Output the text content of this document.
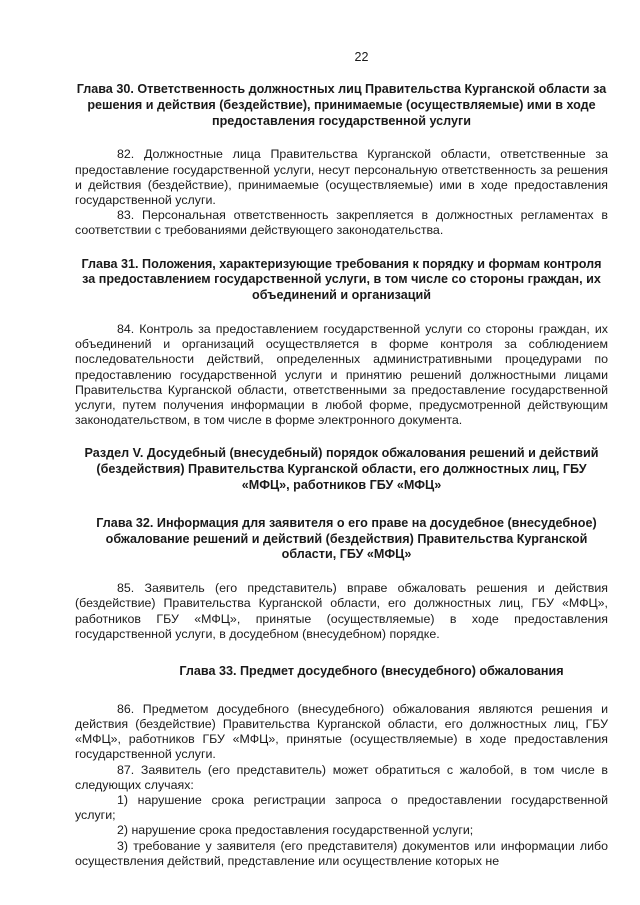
22

Глава 30. Ответственность должностных лиц Правительства Курганской области за решения и действия (бездействие), принимаемые (осуществляемые) ими в ходе предоставления государственной услуги

82. Должностные лица Правительства Курганской области, ответственные за предоставление государственной услуги, несут персональную ответственность за решения и действия (бездействие), принимаемые (осуществляемые) ими в ходе предоставления государственной услуги.

83. Персональная ответственность закрепляется в должностных регламентах в соответствии с требованиями действующего законодательства.

Глава 31. Положения, характеризующие требования к порядку и формам контроля за предоставлением государственной услуги, в том числе со стороны граждан, их объединений и организаций

84. Контроль за предоставлением государственной услуги со стороны граждан, их объединений и организаций осуществляется в форме контроля за соблюдением последовательности действий, определенных административными процедурами по предоставлению государственной услуги и принятию решений должностными лицами Правительства Курганской области, ответственными за предоставление государственной услуги, путем получения информации в любой форме, предусмотренной действующим законодательством, в том числе в форме электронного документа.

Раздел V. Досудебный (внесудебный) порядок обжалования решений и действий (бездействия) Правительства Курганской области, его должностных лиц, ГБУ «МФЦ», работников ГБУ «МФЦ»

Глава 32. Информация для заявителя о его праве на досудебное (внесудебное) обжалование решений и действий (бездействия) Правительства Курганской области, ГБУ «МФЦ»

85. Заявитель (его представитель) вправе обжаловать решения и действия (бездействие) Правительства Курганской области, его должностных лиц, ГБУ «МФЦ», работников ГБУ «МФЦ», принятые (осуществляемые) в ходе предоставления государственной услуги, в досудебном (внесудебном) порядке.

Глава 33. Предмет досудебного (внесудебного) обжалования

86. Предметом досудебного (внесудебного) обжалования являются решения и действия (бездействие) Правительства Курганской области, его должностных лиц, ГБУ «МФЦ», работников ГБУ «МФЦ», принятые (осуществляемые) в ходе предоставления государственной услуги.

87. Заявитель (его представитель) может обратиться с жалобой, в том числе в следующих случаях:

1) нарушение срока регистрации запроса о предоставлении государственной услуги;

2) нарушение срока предоставления государственной услуги;

3) требование у заявителя (его представителя) документов или информации либо осуществления действий, представление или осуществление которых не
